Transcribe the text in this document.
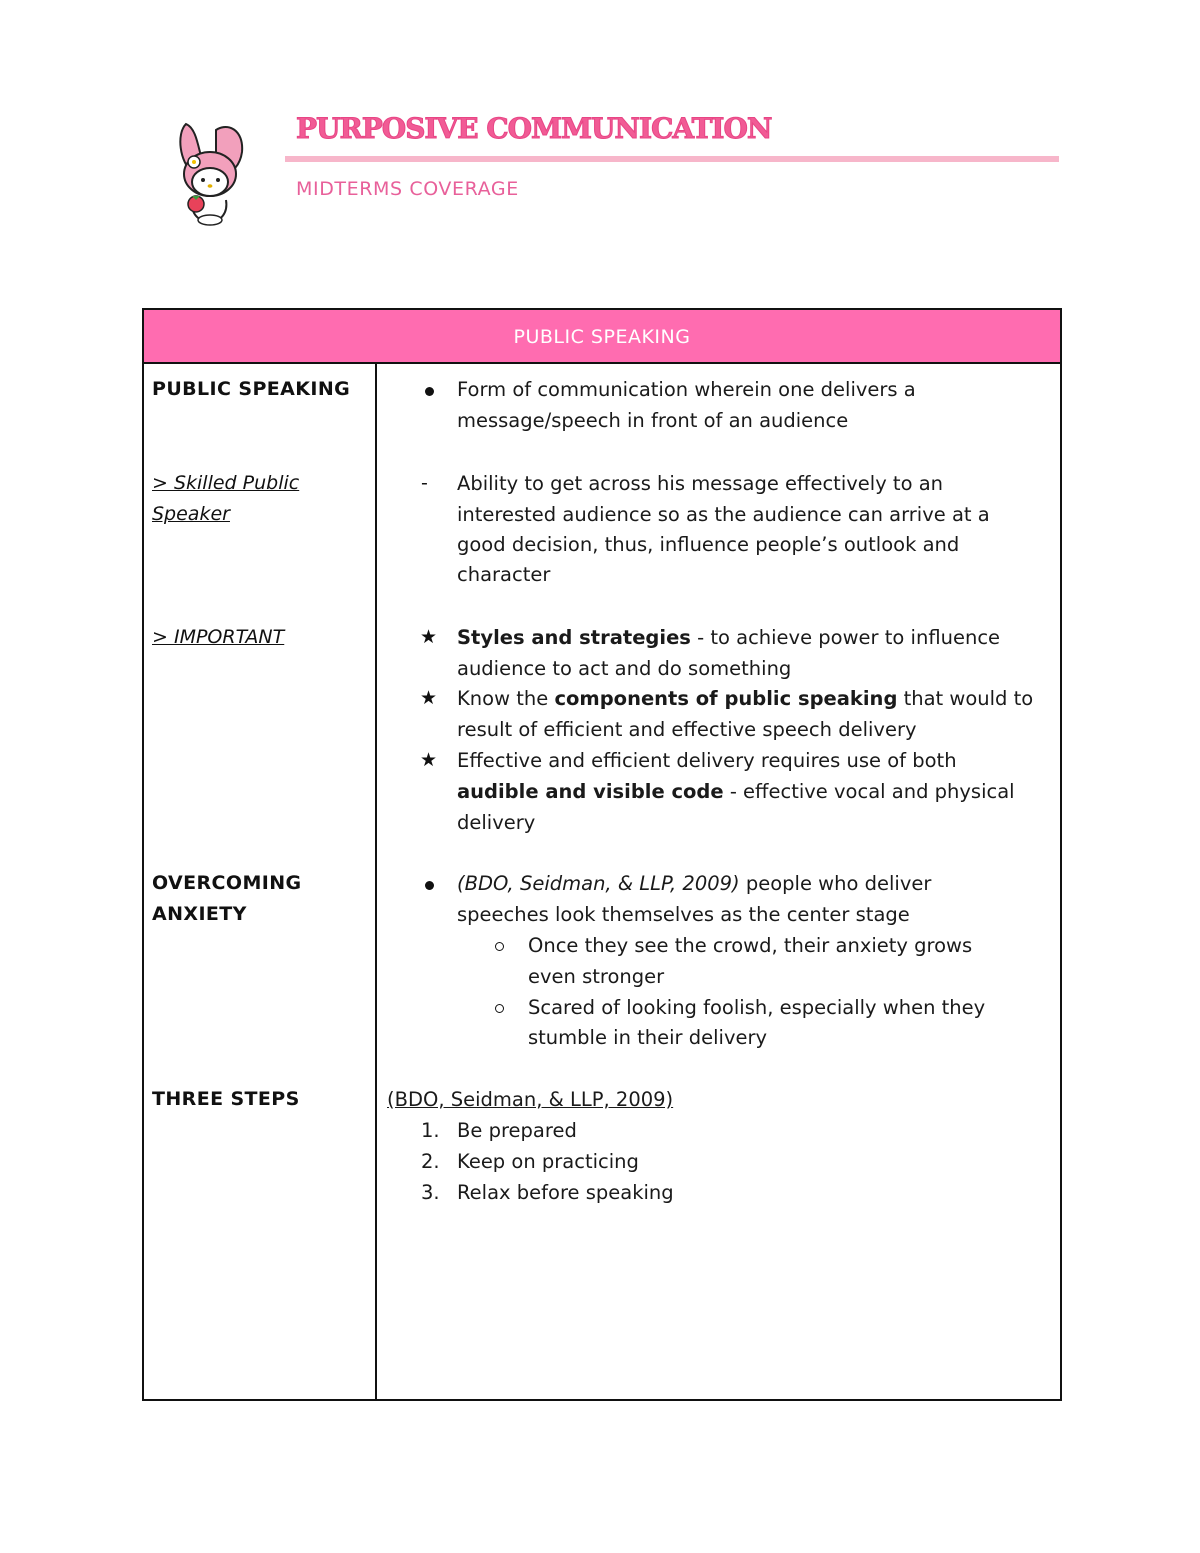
PURPOSIVE COMMUNICATION
MIDTERMS COVERAGE
PUBLIC SPEAKING
PUBLIC SPEAKING
> Skilled Public
Speaker
> IMPORTANT
OVERCOMING
ANXIETY
THREE STEPS
Form of communication wherein one delivers a
message/speech in front of an audience
- Ability to get across his message effectively to an
interested audience so as the audience can arrive at a
good decision, thus, influence people’s outlook and
character
★ Styles and strategies - to achieve power to influence
audience to act and do something
★ Know the components of public speaking that would to
result of efficient and effective speech delivery
★ Effective and efficient delivery requires use of both
audible and visible code - effective vocal and physical
delivery
(BDO, Seidman, & LLP, 2009) people who deliver
speeches look themselves as the center stage
Once they see the crowd, their anxiety grows
even stronger
Scared of looking foolish, especially when they
stumble in their delivery
(BDO, Seidman, & LLP, 2009)
1. Be prepared
2. Keep on practicing
3. Relax before speaking
